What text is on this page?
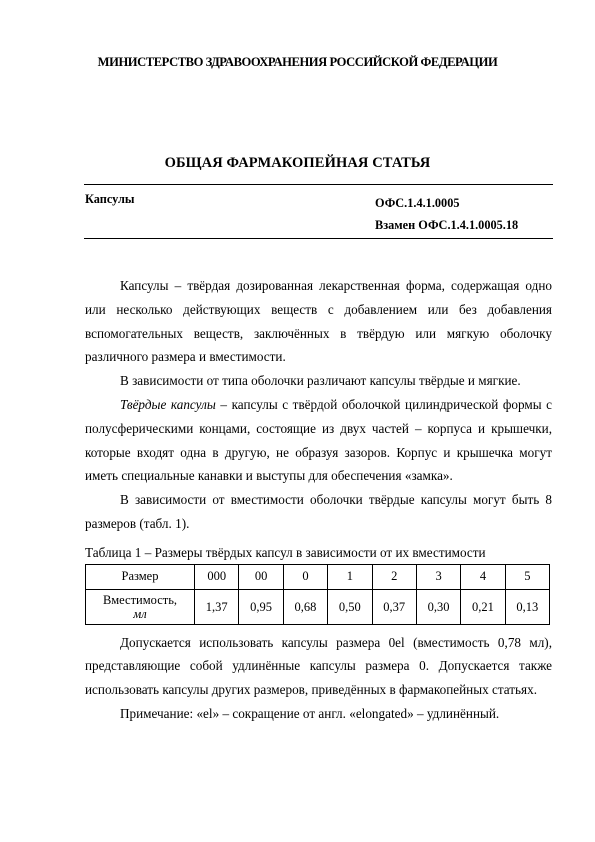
МИНИСТЕРСТВО ЗДРАВООХРАНЕНИЯ РОССИЙСКОЙ ФЕДЕРАЦИИ
ОБЩАЯ ФАРМАКОПЕЙНАЯ СТАТЬЯ
Капсулы	ОФС.1.4.1.0005
Взамен ОФС.1.4.1.0005.18

Капсулы – твёрдая дозированная лекарственная форма, содержащая одно или несколько действующих веществ с добавлением или без добавления вспомогательных веществ, заключённых в твёрдую или мягкую оболочку различного размера и вместимости.

В зависимости от типа оболочки различают капсулы твёрдые и мягкие.

Твёрдые капсулы – капсулы с твёрдой оболочкой цилиндрической формы с полусферическими концами, состоящие из двух частей – корпуса и крышечки, которые входят одна в другую, не образуя зазоров. Корпус и крышечка могут иметь специальные канавки и выступы для обеспечения «замка».

В зависимости от вместимости оболочки твёрдые капсулы могут быть 8 размеров (табл. 1).

Таблица 1 – Размеры твёрдых капсул в зависимости от их вместимости

Размер	000	00	0	1	2	3	4	5
Вместимость,
мл	1,37	0,95	0,68	0,50	0,37	0,30	0,21	0,13

Допускается использовать капсулы размера 0el (вместимость 0,78 мл), представляющие собой удлинённые капсулы размера 0. Допускается также использовать капсулы других размеров, приведённых в фармакопейных статьях.

Примечание: «el» – сокращение от англ. «elongated» – удлинённый.
